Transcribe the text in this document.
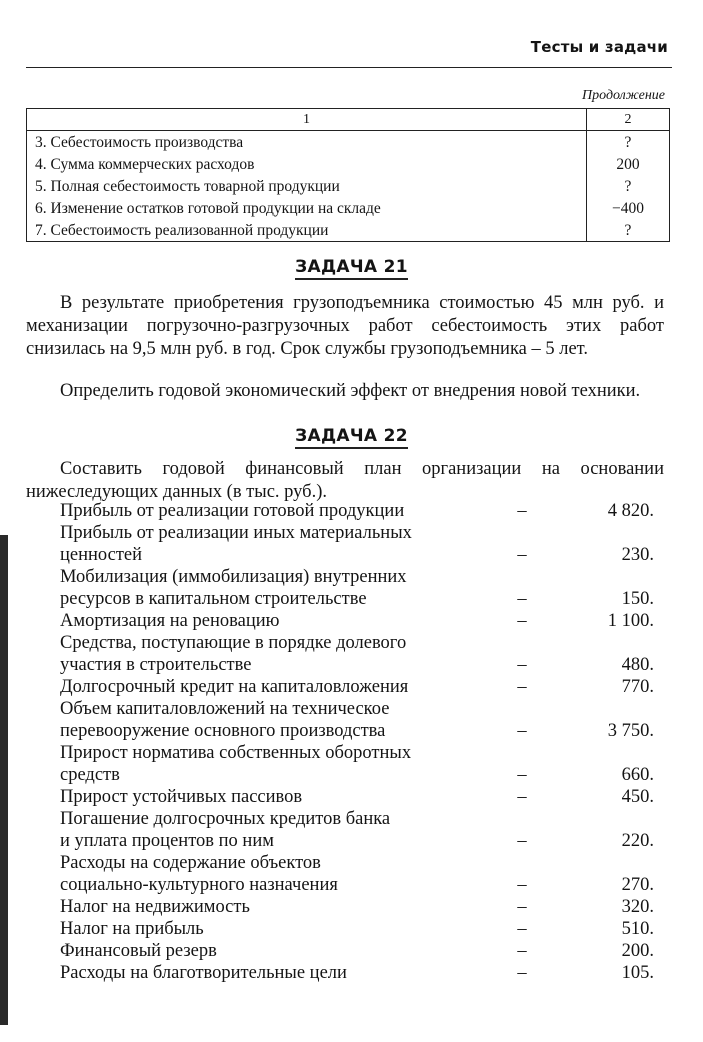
Тесты и задачи
Продолжение
1	2
3. Себестоимость производства	?
4. Сумма коммерческих расходов	200
5. Полная себестоимость товарной продукции	?
6. Изменение остатков готовой продукции на складе	−400
7. Себестоимость реализованной продукции	?
ЗАДАЧА 21

В результате приобретения грузоподъемника стоимостью 45 млн руб. и механизации погрузочно-разгрузочных работ себестоимость этих работ снизилась на 9,5 млн руб. в год. Срок службы грузоподъемника – 5 лет.

Определить годовой экономический эффект от внедрения новой техники.

ЗАДАЧА 22

Составить годовой финансовый план организации на основании нижеследующих данных (в тыс. руб.).

Прибыль от реализации готовой продукции	–	4 820.
Прибыль от реализации иных материальных
ценностей	–	230.
Мобилизация (иммобилизация) внутренних
ресурсов в капитальном строительстве	–	150.
Амортизация на реновацию	–	1 100.
Средства, поступающие в порядке долевого
участия в строительстве	–	480.
Долгосрочный кредит на капиталовложения	–	770.
Объем капиталовложений на техническое
перевооружение основного производства	–	3 750.
Прирост норматива собственных оборотных
средств	–	660.
Прирост устойчивых пассивов	–	450.
Погашение долгосрочных кредитов банка
и уплата процентов по ним	–	220.
Расходы на содержание объектов
социально-культурного назначения	–	270.
Налог на недвижимость	–	320.
Налог на прибыль	–	510.
Финансовый резерв	–	200.
Расходы на благотворительные цели	–	105.
